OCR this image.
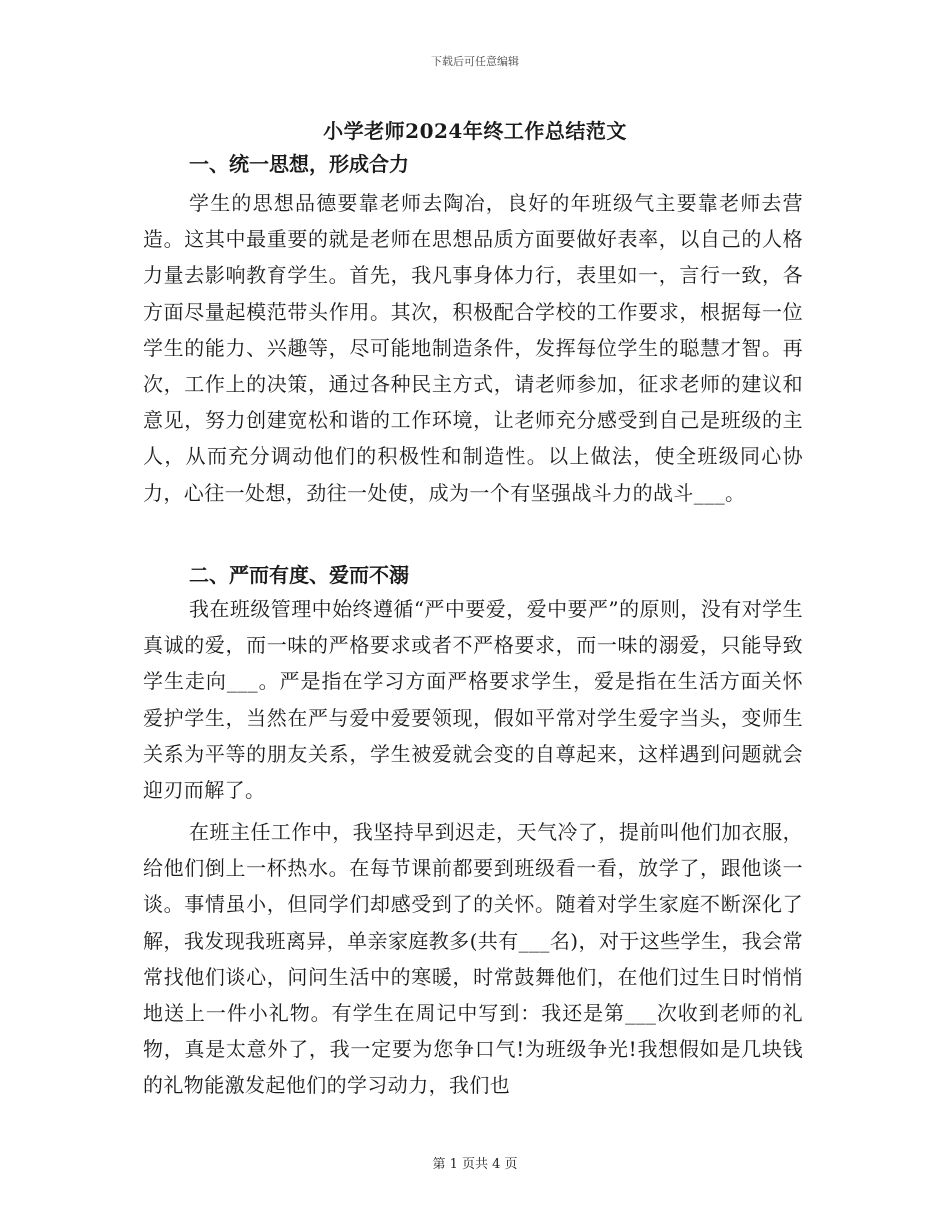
下载后可任意编辑
小学老师2024年终工作总结范文
一、统一思想，形成合力

学生的思想品德要靠老师去陶冶，良好的年班级气主要靠老师去营造。这其中最重要的就是老师在思想品质方面要做好表率，以自己的人格力量去影响教育学生。首先，我凡事身体力行，表里如一，言行一致，各方面尽量起模范带头作用。其次，积极配合学校的工作要求，根据每一位学生的能力、兴趣等，尽可能地制造条件，发挥每位学生的聪慧才智。再次，工作上的决策，通过各种民主方式，请老师参加，征求老师的建议和意见，努力创建宽松和谐的工作环境，让老师充分感受到自己是班级的主人，从而充分调动他们的积极性和制造性。以上做法，使全班级同心协力，心往一处想，劲往一处使，成为一个有坚强战斗力的战斗___。

二、严而有度、爱而不溺

我在班级管理中始终遵循“严中要爱，爱中要严”的原则，没有对学生真诚的爱，而一味的严格要求或者不严格要求，而一味的溺爱，只能导致学生走向___。严是指在学习方面严格要求学生，爱是指在生活方面关怀爱护学生，当然在严与爱中爱要领现，假如平常对学生爱字当头，变师生关系为平等的朋友关系，学生被爱就会变的自尊起来，这样遇到问题就会迎刃而解了。

在班主任工作中，我坚持早到迟走，天气冷了，提前叫他们加衣服，给他们倒上一杯热水。在每节课前都要到班级看一看，放学了，跟他谈一谈。事情虽小，但同学们却感受到了的关怀。随着对学生家庭不断深化了解，我发现我班离异，单亲家庭教多(共有___名)，对于这些学生，我会常常找他们谈心，问问生活中的寒暖，时常鼓舞他们，在他们过生日时悄悄地送上一件小礼物。有学生在周记中写到：我还是第___次收到老师的礼物，真是太意外了，我一定要为您争口气!为班级争光!我想假如是几块钱的礼物能激发起他们的学习动力，我们也

第 1 页共 4 页
